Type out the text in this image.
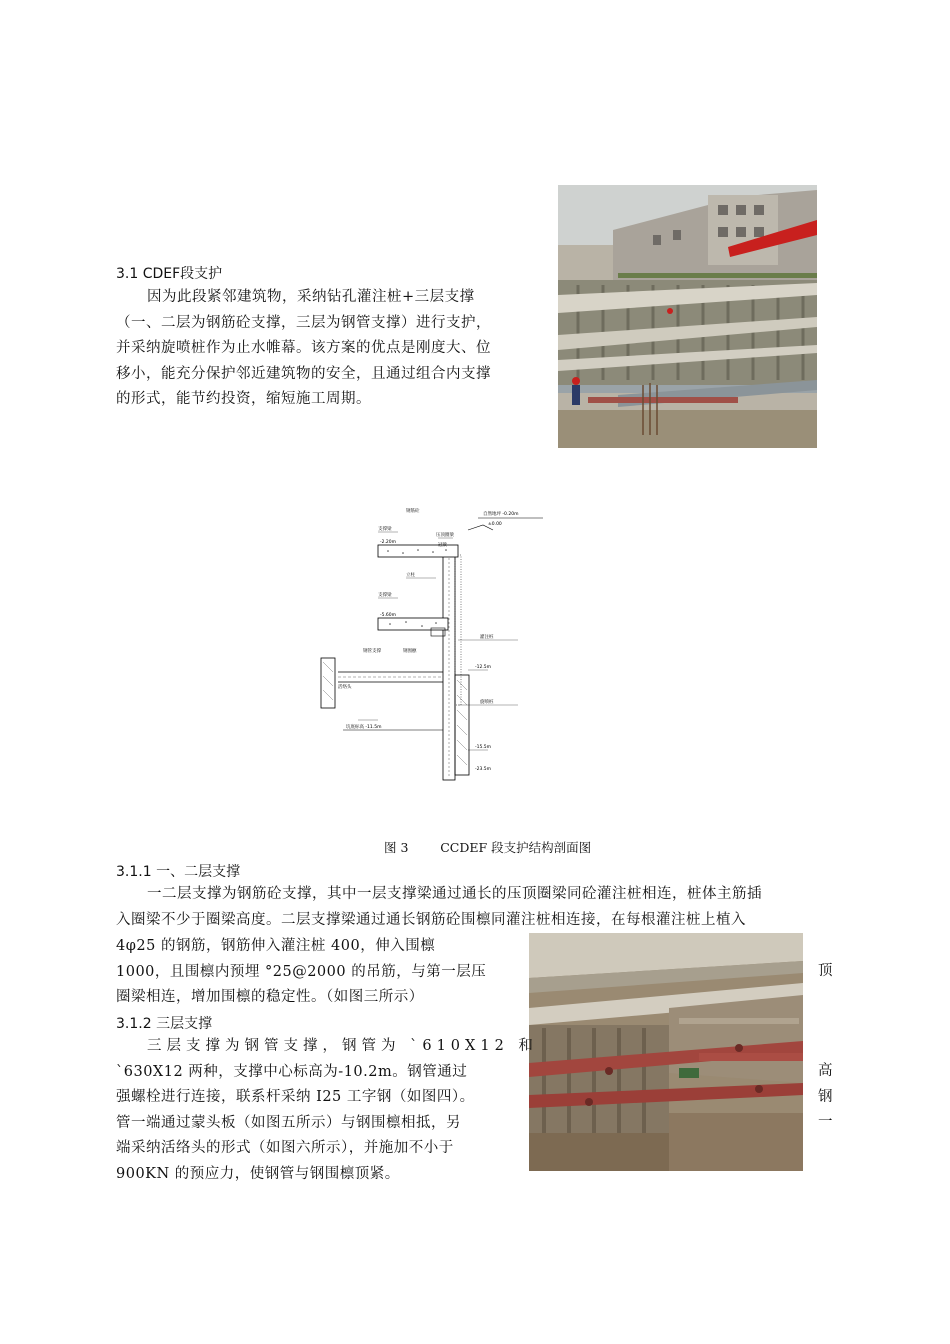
3.1 CDEF段支护
因为此段紧邻建筑物，采纳钻孔灌注桩+三层支撑
（一、二层为钢筋砼支撑，三层为钢管支撑）进行支护，
并采纳旋喷桩作为止水帷幕。该方案的优点是刚度大、位
移小，能充分保护邻近建筑物的安全，且通过组合内支撑
的形式，能节约投资，缩短施工周期。
支撑梁
-2.20m
压顶圈梁
冠梁
-5.60m
立柱
支撑梁
钢管支撑	钢围檩
灌注桩
旋喷桩
坑底标高 -11.5m
-12.5m
自然地坪 -0.20m
-15.5m
活络头
±0.00
钢筋砼
-23.5m
图 3        CCDEF 段支护结构剖面图
3.1.1 一、二层支撑
一二层支撑为钢筋砼支撑，其中一层支撑梁通过通长的压顶圈梁同砼灌注桩相连，桩体主筋插
入圈梁不少于圈梁高度。二层支撑梁通过通长钢筋砼围檩同灌注桩相连接，在每根灌注桩上植入
4φ25 的钢筋，钢筋伸入灌注桩 400，伸入围檩
1000，且围檩内预埋 °25@2000 的吊筋，与第一层压
圈梁相连，增加围檩的稳定性。（如图三所示）
顶
3.1.2 三层支撑
三层支撑为钢管支撑，钢管为 ˋ610X12 和
ˋ630X12 两种，支撑中心标高为-10.2m。钢管通过
强螺栓进行连接，联系杆采纳 I25 工字钢（如图四）。
管一端通过蒙头板（如图五所示）与钢围檩相抵，另
端采纳活络头的形式（如图六所示），并施加不小于
900KN 的预应力，使钢管与钢围檩顶紧。
高
钢
一
